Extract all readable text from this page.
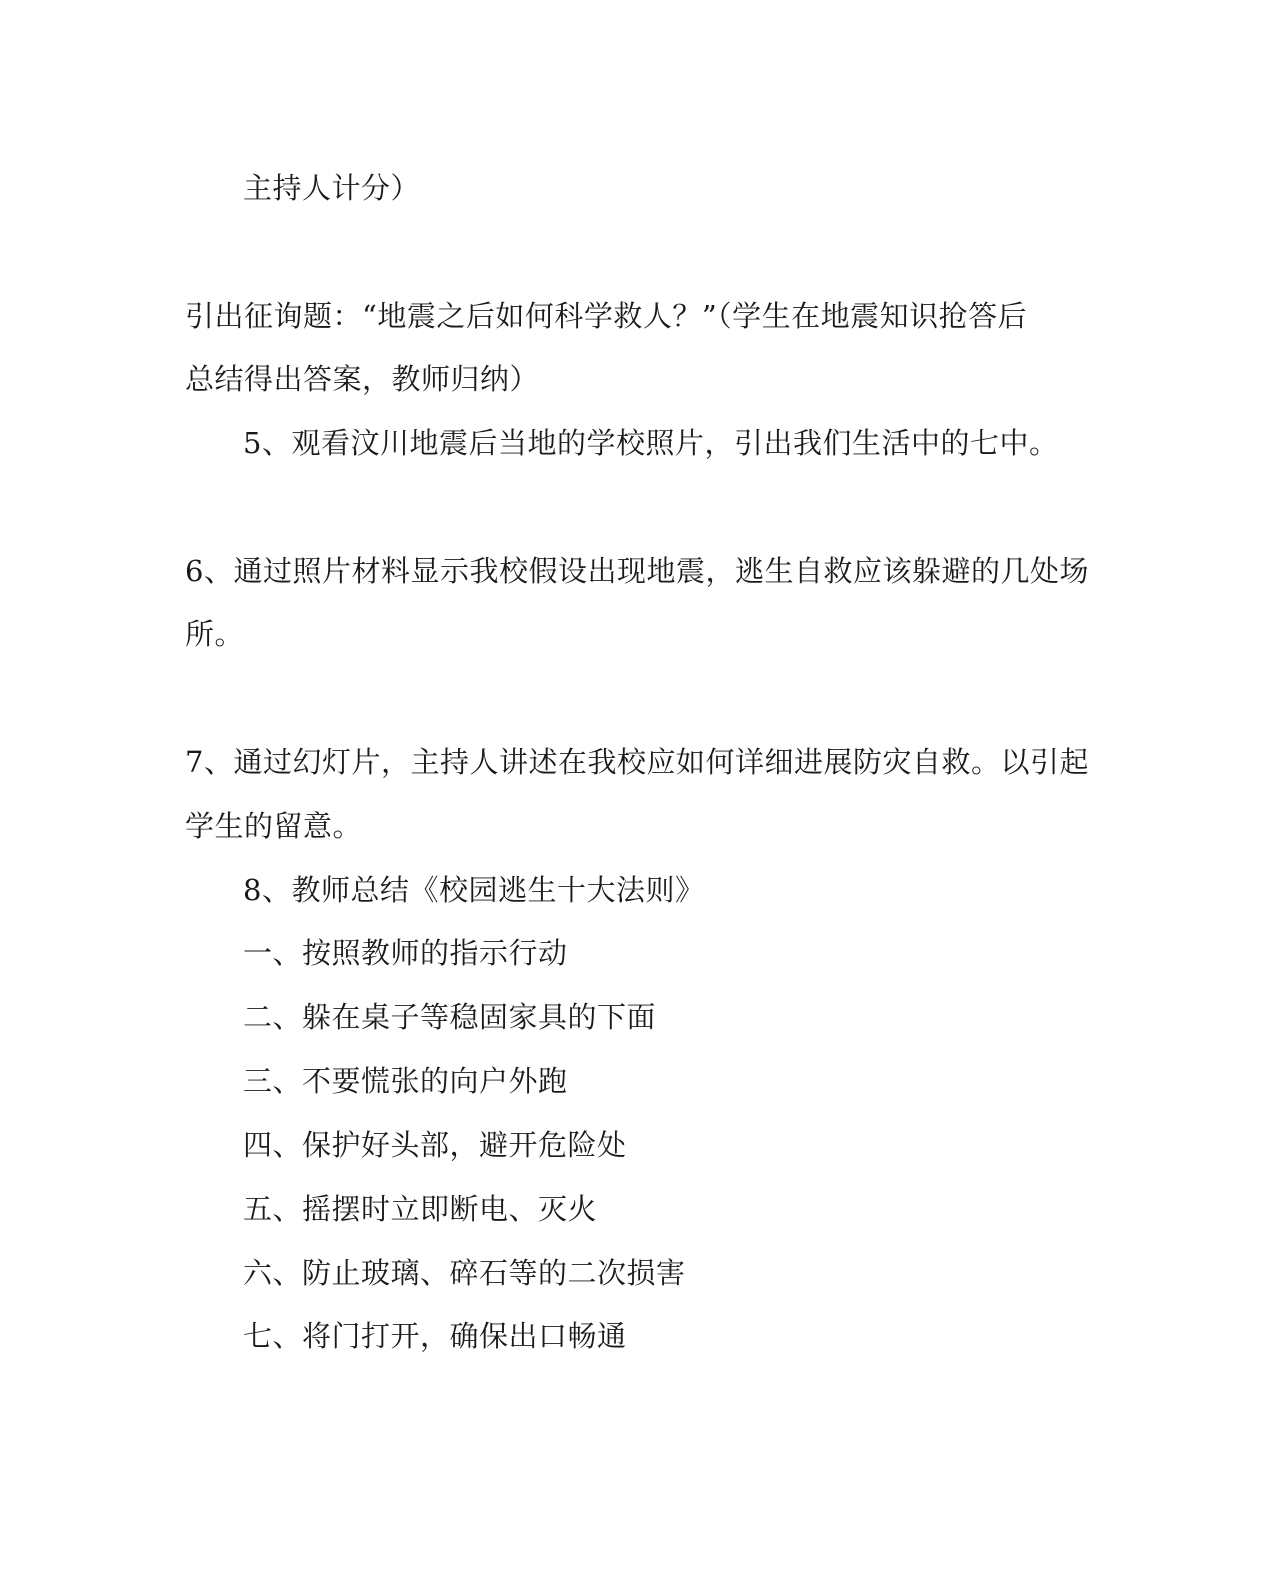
主持人计分）
引出征询题：“地震之后如何科学救人？”（学生在地震知识抢答后
总结得出答案，教师归纳）
5、观看汶川地震后当地的学校照片，引出我们生活中的七中。
6、通过照片材料显示我校假设出现地震，逃生自救应该躲避的几处场
所。
7、通过幻灯片，主持人讲述在我校应如何详细进展防灾自救。以引起
学生的留意。
8、教师总结《校园逃生十大法则》
一、按照教师的指示行动
二、躲在桌子等稳固家具的下面
三、不要慌张的向户外跑
四、保护好头部，避开危险处
五、摇摆时立即断电、灭火
六、防止玻璃、碎石等的二次损害
七、将门打开，确保出口畅通
